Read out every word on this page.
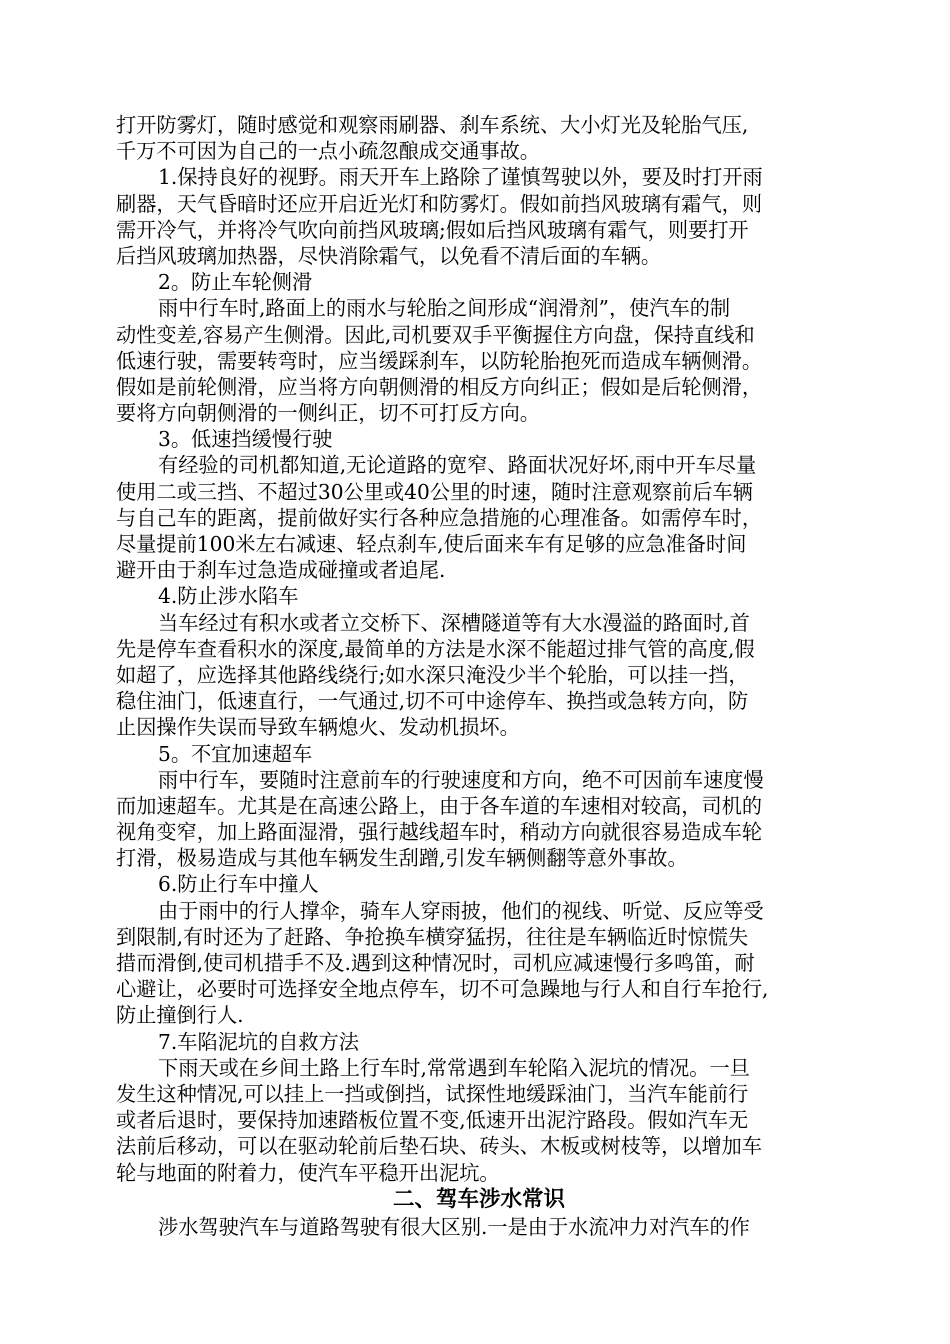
打开防雾灯，随时感觉和观察雨刷器、刹车系统、大小灯光及轮胎气压,
千万不可因为自己的一点小疏忽酿成交通事故。
1.保持良好的视野。雨天开车上路除了谨慎驾驶以外，要及时打开雨
刷器，天气昏暗时还应开启近光灯和防雾灯。假如前挡风玻璃有霜气，则
需开冷气，并将冷气吹向前挡风玻璃;假如后挡风玻璃有霜气，则要打开
后挡风玻璃加热器，尽快消除霜气，以免看不清后面的车辆。
2。防止车轮侧滑
雨中行车时,路面上的雨水与轮胎之间形成“润滑剂”，使汽车的制
动性变差,容易产生侧滑。因此,司机要双手平衡握住方向盘，保持直线和
低速行驶，需要转弯时，应当缓踩刹车，以防轮胎抱死而造成车辆侧滑。
假如是前轮侧滑，应当将方向朝侧滑的相反方向纠正；假如是后轮侧滑，
要将方向朝侧滑的一侧纠正，切不可打反方向。
3。低速挡缓慢行驶
有经验的司机都知道,无论道路的宽窄、路面状况好坏,雨中开车尽量
使用二或三挡、不超过30公里或40公里的时速，随时注意观察前后车辆
与自己车的距离，提前做好实行各种应急措施的心理准备。如需停车时，
尽量提前100米左右减速、轻点刹车,使后面来车有足够的应急准备时间
避开由于刹车过急造成碰撞或者追尾.
4.防止涉水陷车
当车经过有积水或者立交桥下、深槽隧道等有大水漫溢的路面时,首
先是停车查看积水的深度,最简单的方法是水深不能超过排气管的高度,假
如超了，应选择其他路线绕行;如水深只淹没少半个轮胎，可以挂一挡，
稳住油门，低速直行，一气通过,切不可中途停车、换挡或急转方向，防
止因操作失误而导致车辆熄火、发动机损坏。
5。不宜加速超车
雨中行车，要随时注意前车的行驶速度和方向，绝不可因前车速度慢
而加速超车。尤其是在高速公路上，由于各车道的车速相对较高，司机的
视角变窄，加上路面湿滑，强行越线超车时，稍动方向就很容易造成车轮
打滑，极易造成与其他车辆发生刮蹭,引发车辆侧翻等意外事故。
6.防止行车中撞人
由于雨中的行人撑伞，骑车人穿雨披，他们的视线、听觉、反应等受
到限制,有时还为了赶路、争抢换车横穿猛拐，往往是车辆临近时惊慌失
措而滑倒,使司机措手不及.遇到这种情况时，司机应减速慢行多鸣笛，耐
心避让，必要时可选择安全地点停车，切不可急躁地与行人和自行车抢行,
防止撞倒行人.
7.车陷泥坑的自救方法
下雨天或在乡间土路上行车时,常常遇到车轮陷入泥坑的情况。一旦
发生这种情况,可以挂上一挡或倒挡，试探性地缓踩油门，当汽车能前行
或者后退时，要保持加速踏板位置不变,低速开出泥泞路段。假如汽车无
法前后移动，可以在驱动轮前后垫石块、砖头、木板或树枝等，以增加车
轮与地面的附着力，使汽车平稳开出泥坑。
二、驾车涉水常识
涉水驾驶汽车与道路驾驶有很大区别.一是由于水流冲力对汽车的作
